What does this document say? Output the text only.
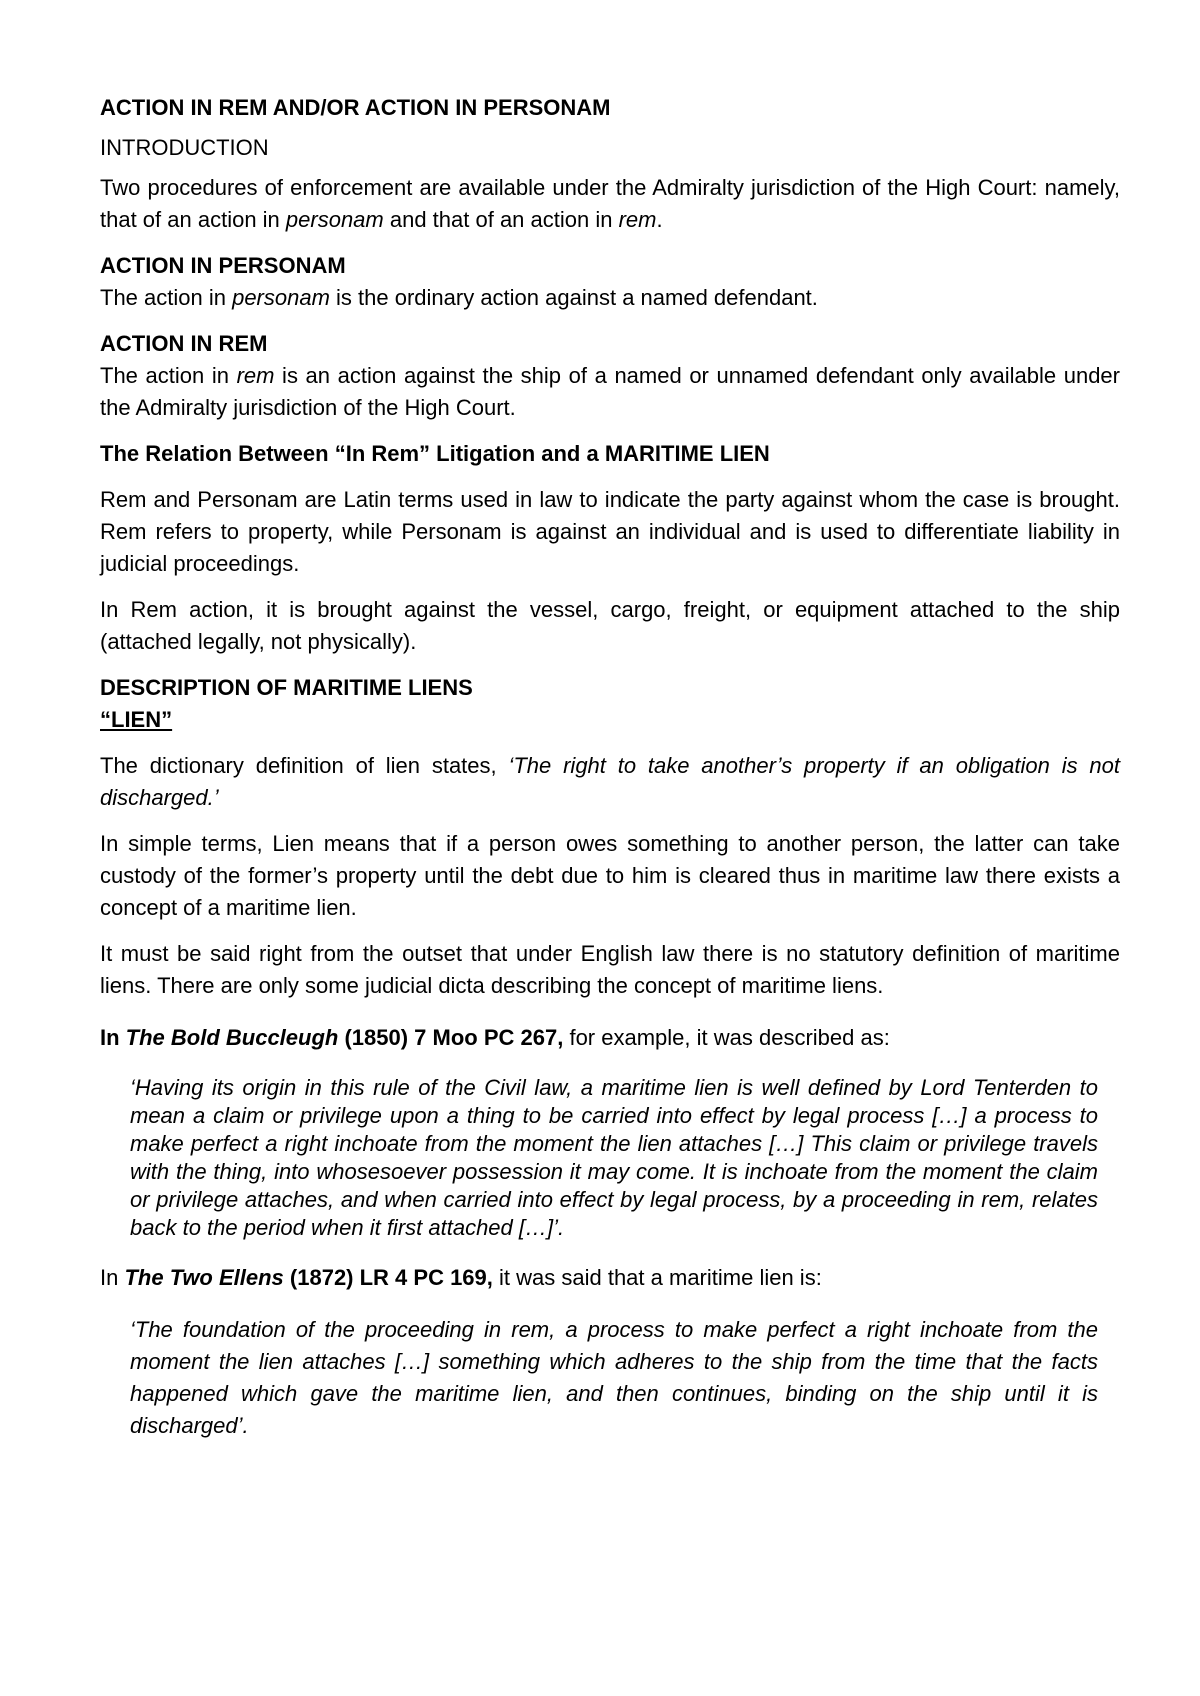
ACTION IN REM AND/OR ACTION IN PERSONAM
INTRODUCTION

Two procedures of enforcement are available under the Admiralty jurisdiction of the High Court: namely, that of an action in personam and that of an action in rem.

ACTION IN PERSONAM

The action in personam is the ordinary action against a named defendant.

ACTION IN REM

The action in rem is an action against the ship of a named or unnamed defendant only available under the Admiralty jurisdiction of the High Court.

The Relation Between “In Rem” Litigation and a MARITIME LIEN

Rem and Personam are Latin terms used in law to indicate the party against whom the case is brought. Rem refers to property, while Personam is against an individual and is used to differentiate liability in judicial proceedings.

In Rem action, it is brought against the vessel, cargo, freight, or equipment attached to the ship (attached legally, not physically).

DESCRIPTION OF MARITIME LIENS
“LIEN”

The dictionary definition of lien states, ‘The right to take another’s property if an obligation is not discharged.’

In simple terms, Lien means that if a person owes something to another person, the latter can take custody of the former’s property until the debt due to him is cleared thus in maritime law there exists a concept of a maritime lien.

It must be said right from the outset that under English law there is no statutory definition of maritime liens. There are only some judicial dicta describing the concept of maritime liens.

In The Bold Buccleugh (1850) 7 Moo PC 267, for example, it was described as:

‘Having its origin in this rule of the Civil law, a maritime lien is well defined by Lord Tenterden to mean a claim or privilege upon a thing to be carried into effect by legal process […] a process to make perfect a right inchoate from the moment the lien attaches […] This claim or privilege travels with the thing, into whosesoever possession it may come. It is inchoate from the moment the claim or privilege attaches, and when carried into effect by legal process, by a proceeding in rem, relates back to the period when it first attached […]’.

In The Two Ellens (1872) LR 4 PC 169, it was said that a maritime lien is:

‘The foundation of the proceeding in rem, a process to make perfect a right inchoate from the moment the lien attaches […] something which adheres to the ship from the time that the facts happened which gave the maritime lien, and then continues, binding on the ship until it is discharged’.
